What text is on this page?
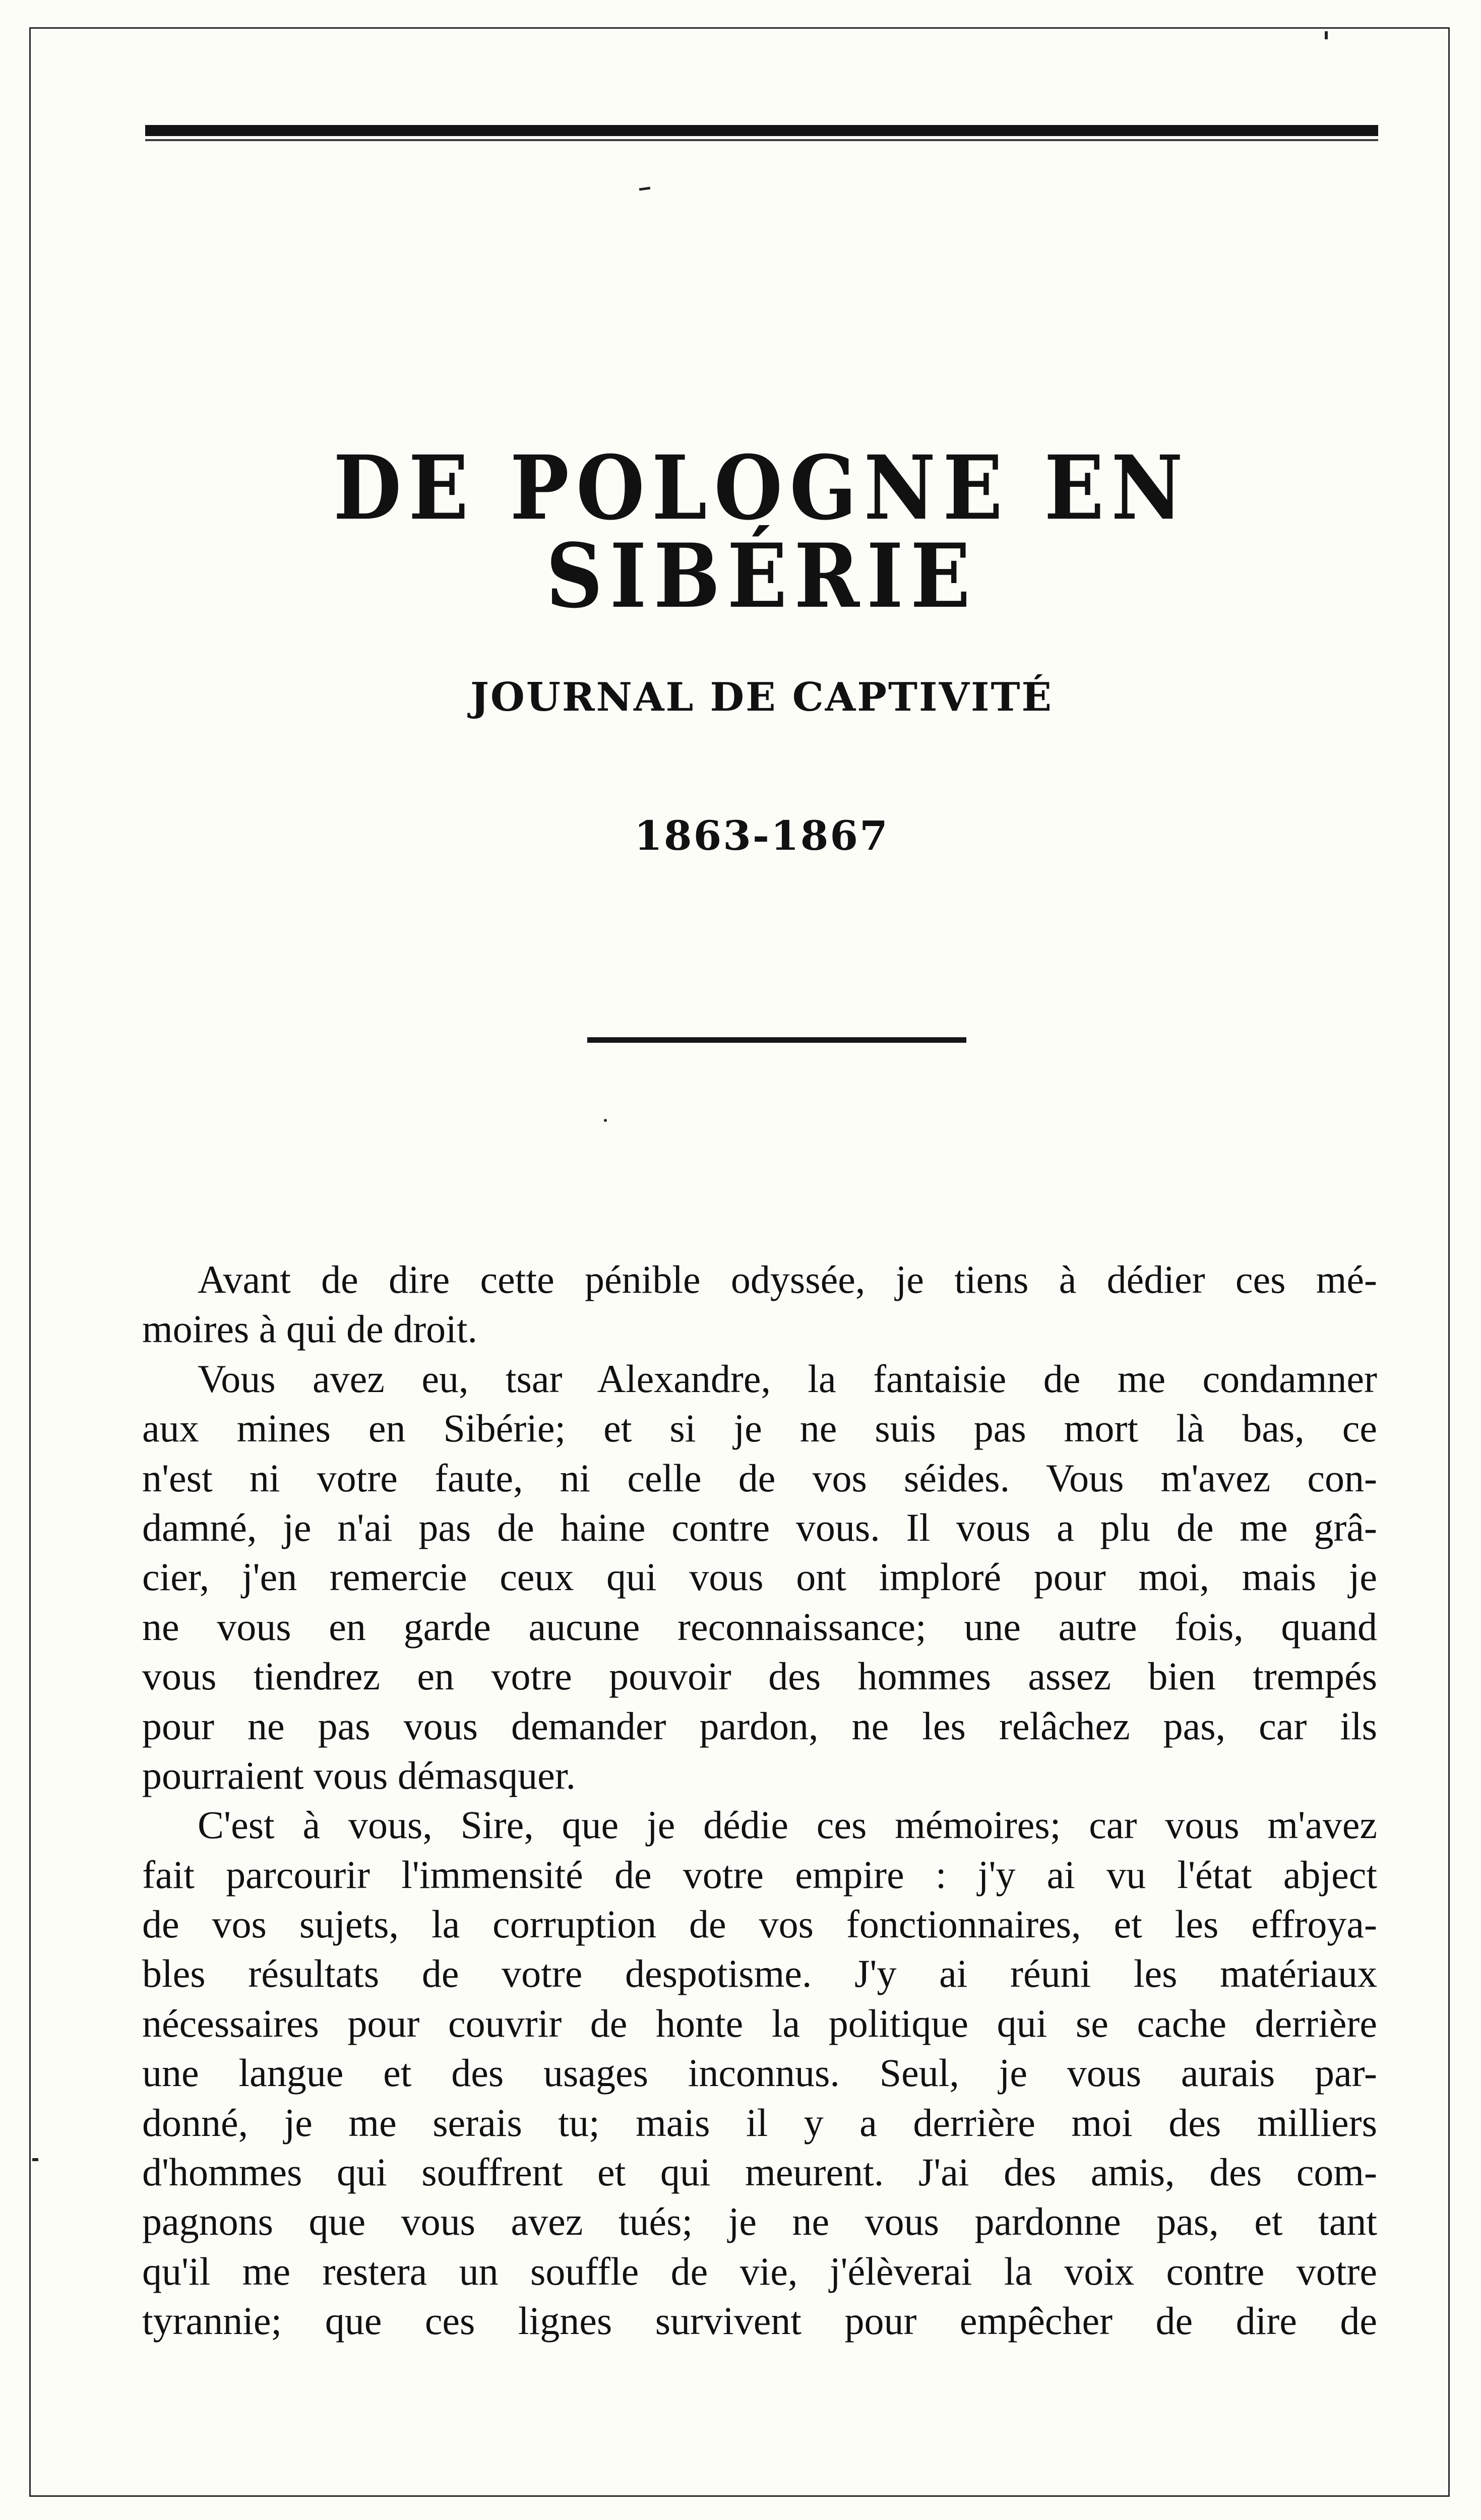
DE POLOGNE EN SIBÉRIE
JOURNAL DE CAPTIVITÉ
1863-1867
Avant de dire cette pénible odyssée, je tiens à dédier ces mé-
moires à qui de droit.
Vous avez eu, tsar Alexandre, la fantaisie de me condamner
aux mines en Sibérie; et si je ne suis pas mort là bas, ce
n'est ni votre faute, ni celle de vos séides. Vous m'avez con-
damné, je n'ai pas de haine contre vous. Il vous a plu de me grâ-
cier, j'en remercie ceux qui vous ont imploré pour moi, mais je
ne vous en garde aucune reconnaissance; une autre fois, quand
vous tiendrez en votre pouvoir des hommes assez bien trempés
pour ne pas vous demander pardon, ne les relâchez pas, car ils
pourraient vous démasquer.
C'est à vous, Sire, que je dédie ces mémoires; car vous m'avez
fait parcourir l'immensité de votre empire : j'y ai vu l'état abject
de vos sujets, la corruption de vos fonctionnaires, et les effroya-
bles résultats de votre despotisme. J'y ai réuni les matériaux
nécessaires pour couvrir de honte la politique qui se cache derrière
une langue et des usages inconnus. Seul, je vous aurais par-
donné, je me serais tu; mais il y a derrière moi des milliers
d'hommes qui souffrent et qui meurent. J'ai des amis, des com-
pagnons que vous avez tués; je ne vous pardonne pas, et tant
qu'il me restera un souffle de vie, j'élèverai la voix contre votre
tyrannie; que ces lignes survivent pour empêcher de dire de
